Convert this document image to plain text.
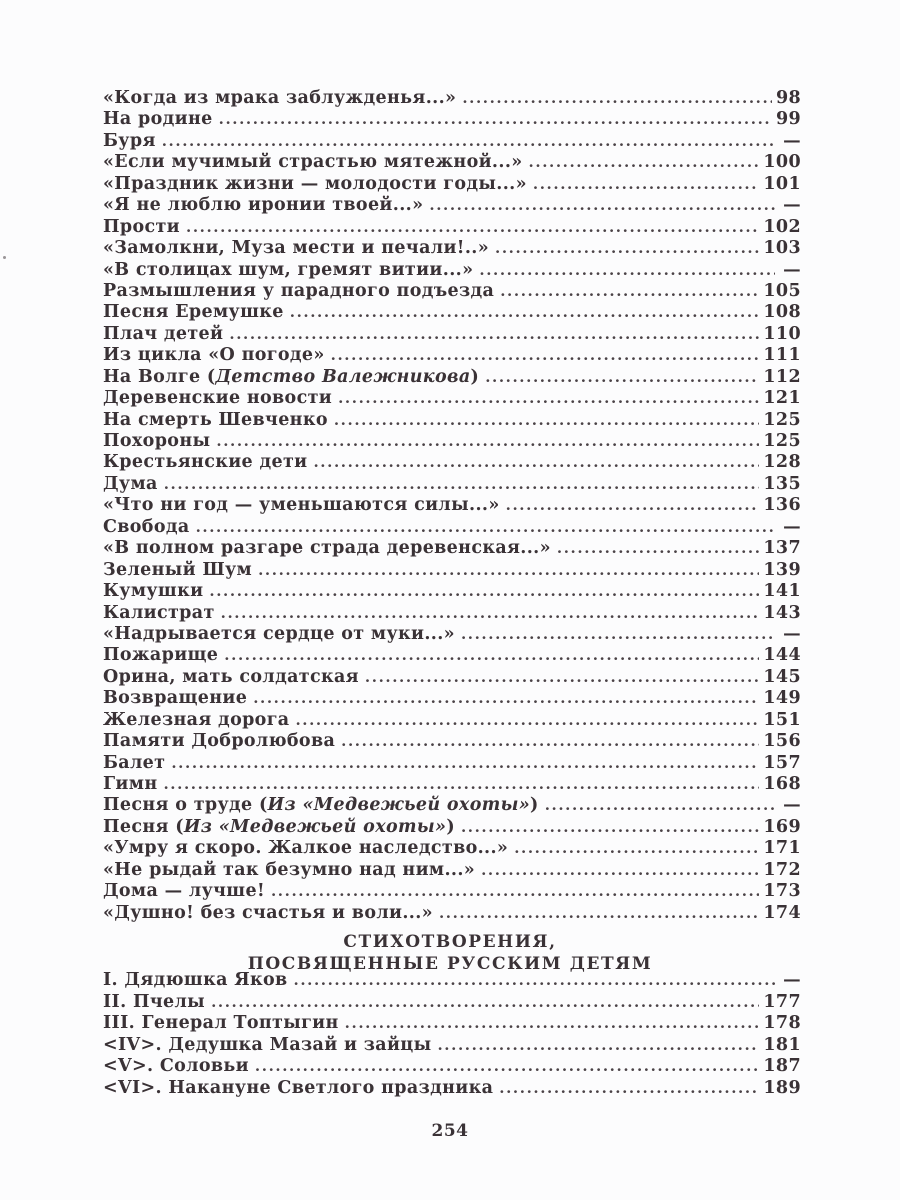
«Когда из мрака заблужденья...» .....	98
На родине .....	99
Буря .....	—
«Если мучимый страстью мятежной...» .....	100
«Праздник жизни — молодости годы...» .....	101
«Я не люблю иронии твоей...» .....	—
Прости .....	102
«Замолкни, Муза мести и печали!..» .....	103
«В столицах шум, гремят витии...» .....	—
Размышления у парадного подъезда .....	105
Песня Еремушке .....	108
Плач детей .....	110
Из цикла «О погоде» .....	111
На Волге (Детство Валежникова) .....	112
Деревенские новости .....	121
На смерть Шевченко .....	125
Похороны .....	125
Крестьянские дети .....	128
Дума .....	135
«Что ни год — уменьшаются силы...» .....	136
Свобода .....	—
«В полном разгаре страда деревенская...» .....	137
Зеленый Шум .....	139
Кумушки .....	141
Калистрат .....	143
«Надрывается сердце от муки...» .....	—
Пожарище .....	144
Орина, мать солдатская .....	145
Возвращение .....	149
Железная дорога .....	151
Памяти Добролюбова .....	156
Балет .....	157
Гимн .....	168
Песня о труде (Из «Медвежьей охоты») .....	—
Песня (Из «Медвежьей охоты») .....	169
«Умру я скоро. Жалкое наследство...» .....	171
«Не рыдай так безумно над ним...» .....	172
Дома — лучше! .....	173
«Душно! без счастья и воли...» .....	174
СТИХОТВОРЕНИЯ,
ПОСВЯЩЕННЫЕ РУССКИМ ДЕТЯМ
I. Дядюшка Яков .....	—
II. Пчелы .....	177
III. Генерал Топтыгин .....	178
<IV>. Дедушка Мазай и зайцы .....	181
<V>. Соловьи .....	187
<VI>. Накануне Светлого праздника .....	189
254
